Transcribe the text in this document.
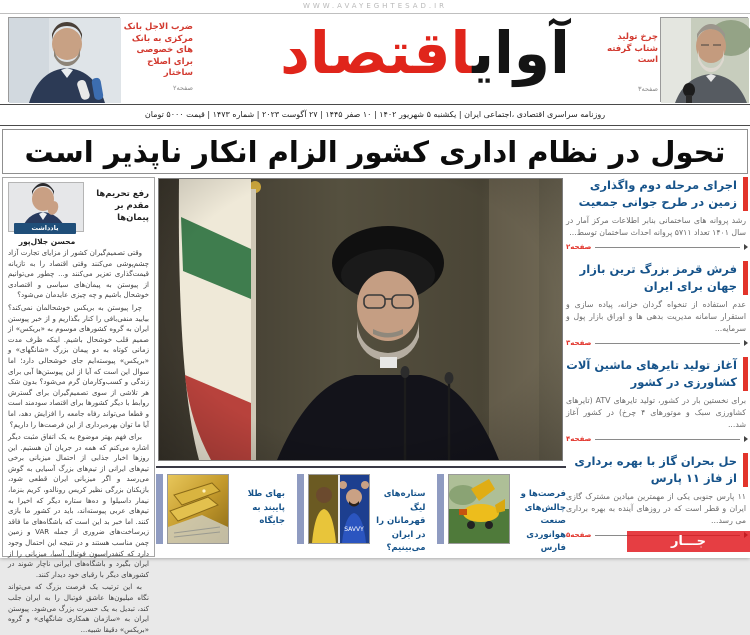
WWW.AVAYEGHTESAD.IR
ضرب الاجل بانک مرکزی به بانک های خصوصی برای اصلاح ساختار
صفحه۲
آوایاقتصاد	چرخ تولید شتاب گرفته است
صفحه۳
روزنامه سراسری اقتصادی ،اجتماعی ایران | یکشنبه ۵ شهریور ۱۴۰۲ | ۱۰ صفر ۱۴۴۵ | ۲۷ آگوست ۲۰۲۳ | شماره ۱۴۷۳ | قیمت ۵۰۰۰ تومان
تحول در نظام اداری کشور الزام انکار ناپذیر است
یادداشت
رفع تحریم‌ها مقدم بر پیمان‌ها
محسن جلال‌پور

وقتی تصمیم‌گیران کشور از مزایای تجارت آزاد چشم‌پوشی می‌کنند وقتی اقتصاد را به تازیانه قیمت‌گذاری تعزیر می‌کنند و... چطور می‌توانیم از پیوستن به پیمان‌های سیاسی و اقتصادی خوشحال باشیم و چه چیزی عایدمان می‌شود؟

چرا پیوستن به بریکس خوشحالمان نمی‌کند؟ بیایید منفی‌بافی را کنار بگذاریم و از خبر پیوستن ایران به گروه کشورهای موسوم به «بریکس» از صمیم قلب خوشحال باشیم. اینکه ظرف مدت زمانی کوتاه به دو پیمان بزرگ «شانگهای» و «بریکس» پیوسته‌ایم جای خوشحالی دارد؛ اما سوال این است که آیا از این پیوستن‌ها آبی برای زندگی و کسب‌وکارمان گرم می‌شود؟ بدون شک هر تلاشی از سوی تصمیم‌گیران برای گسترش روابط با دیگر کشورها برای اقتصاد سودمند است و قطعا می‌تواند رفاه جامعه را افزایش دهد، اما آیا ما توان بهره‌برداری از این فرصت‌ها را داریم؟

برای فهم بهتر موضوع به یک اتفاق مثبت دیگر اشاره می‌کنم که همه در جریان آن هستیم. این روزها اخبار جذابی از احتمال میزبانی برخی تیم‌های ایرانی از تیم‌های بزرگ آسیایی به گوش می‌رسد و اگر میزبانی ایران قطعی شود، بازیکنان بزرگی نظیر کریس رونالدو، کریم بنزما، نیمار داسیلوا و ده‌ها ستاره دیگر که اخیرا به تیم‌های عربی پیوسته‌اند، باید در کشور ما بازی کنند. اما خبر بد این است که باشگاه‌های ما فاقد زیرساخت‌های ضروری از جمله VAR و زمین چمن مناسب هستند و در نتیجه این احتمال وجود دارد که کنفدراسیون فوتبال آسیا، میزبانی را از ایران بگیرد و باشگاه‌های ایرانی ناچار شوند در کشورهای دیگر با رقبای خود دیدار کنند.

به این ترتیب یک فرصت بزرگ که می‌تواند نگاه میلیون‌ها عاشق فوتبال را به ایران جلب کند، تبدیل به یک حسرت بزرگ می‌شود. پیوستن ایران به «سازمان همکاری شانگهای» و گروه «بریکس» دقیقا شبیه...

فرصت‌ها و چالش‌های صنعت هوانوردی فارس
ستاره‌های لیگ قهرمانان را در ایران می‌بینیم؟
SAVVY
بهای طلا پایبند به جایگاه
اجرای مرحله دوم واگذاری زمین در طرح جوانی جمعیت
رشد پروانه های ساختمانی بنابر اطلاعات مرکز آمار در سال ۱۴۰۱ تعداد ۵۷۱۱ پروانه احداث ساختمان توسط...
صفحه۲
فرش قرمز بزرگ ترین بازار جهان برای ایران
عدم استفاده از تنخواه گردان خزانه، پیاده سازی و استقرار سامانه مدیریت بدهی ها و اوراق بازار پول و سرمایه...
صفحه۳
آغاز تولید تایرهای ماشین آلات کشاورزی در کشور
برای نخستین بار در کشور، تولید تایرهای ATV (تایرهای کشاورزی سبک و موتورهای ۴ چرخ) در کشور آغاز شد...
صفحه۴
حل بحران گاز با بهره برداری از فاز ۱۱ پارس
۱۱ پارس جنوبی یکی از مهمترین میادین مشترک گازی ایران و قطر است که در روزهای آینده به بهره برداری می رسد...
صفحه۵	جـــار
